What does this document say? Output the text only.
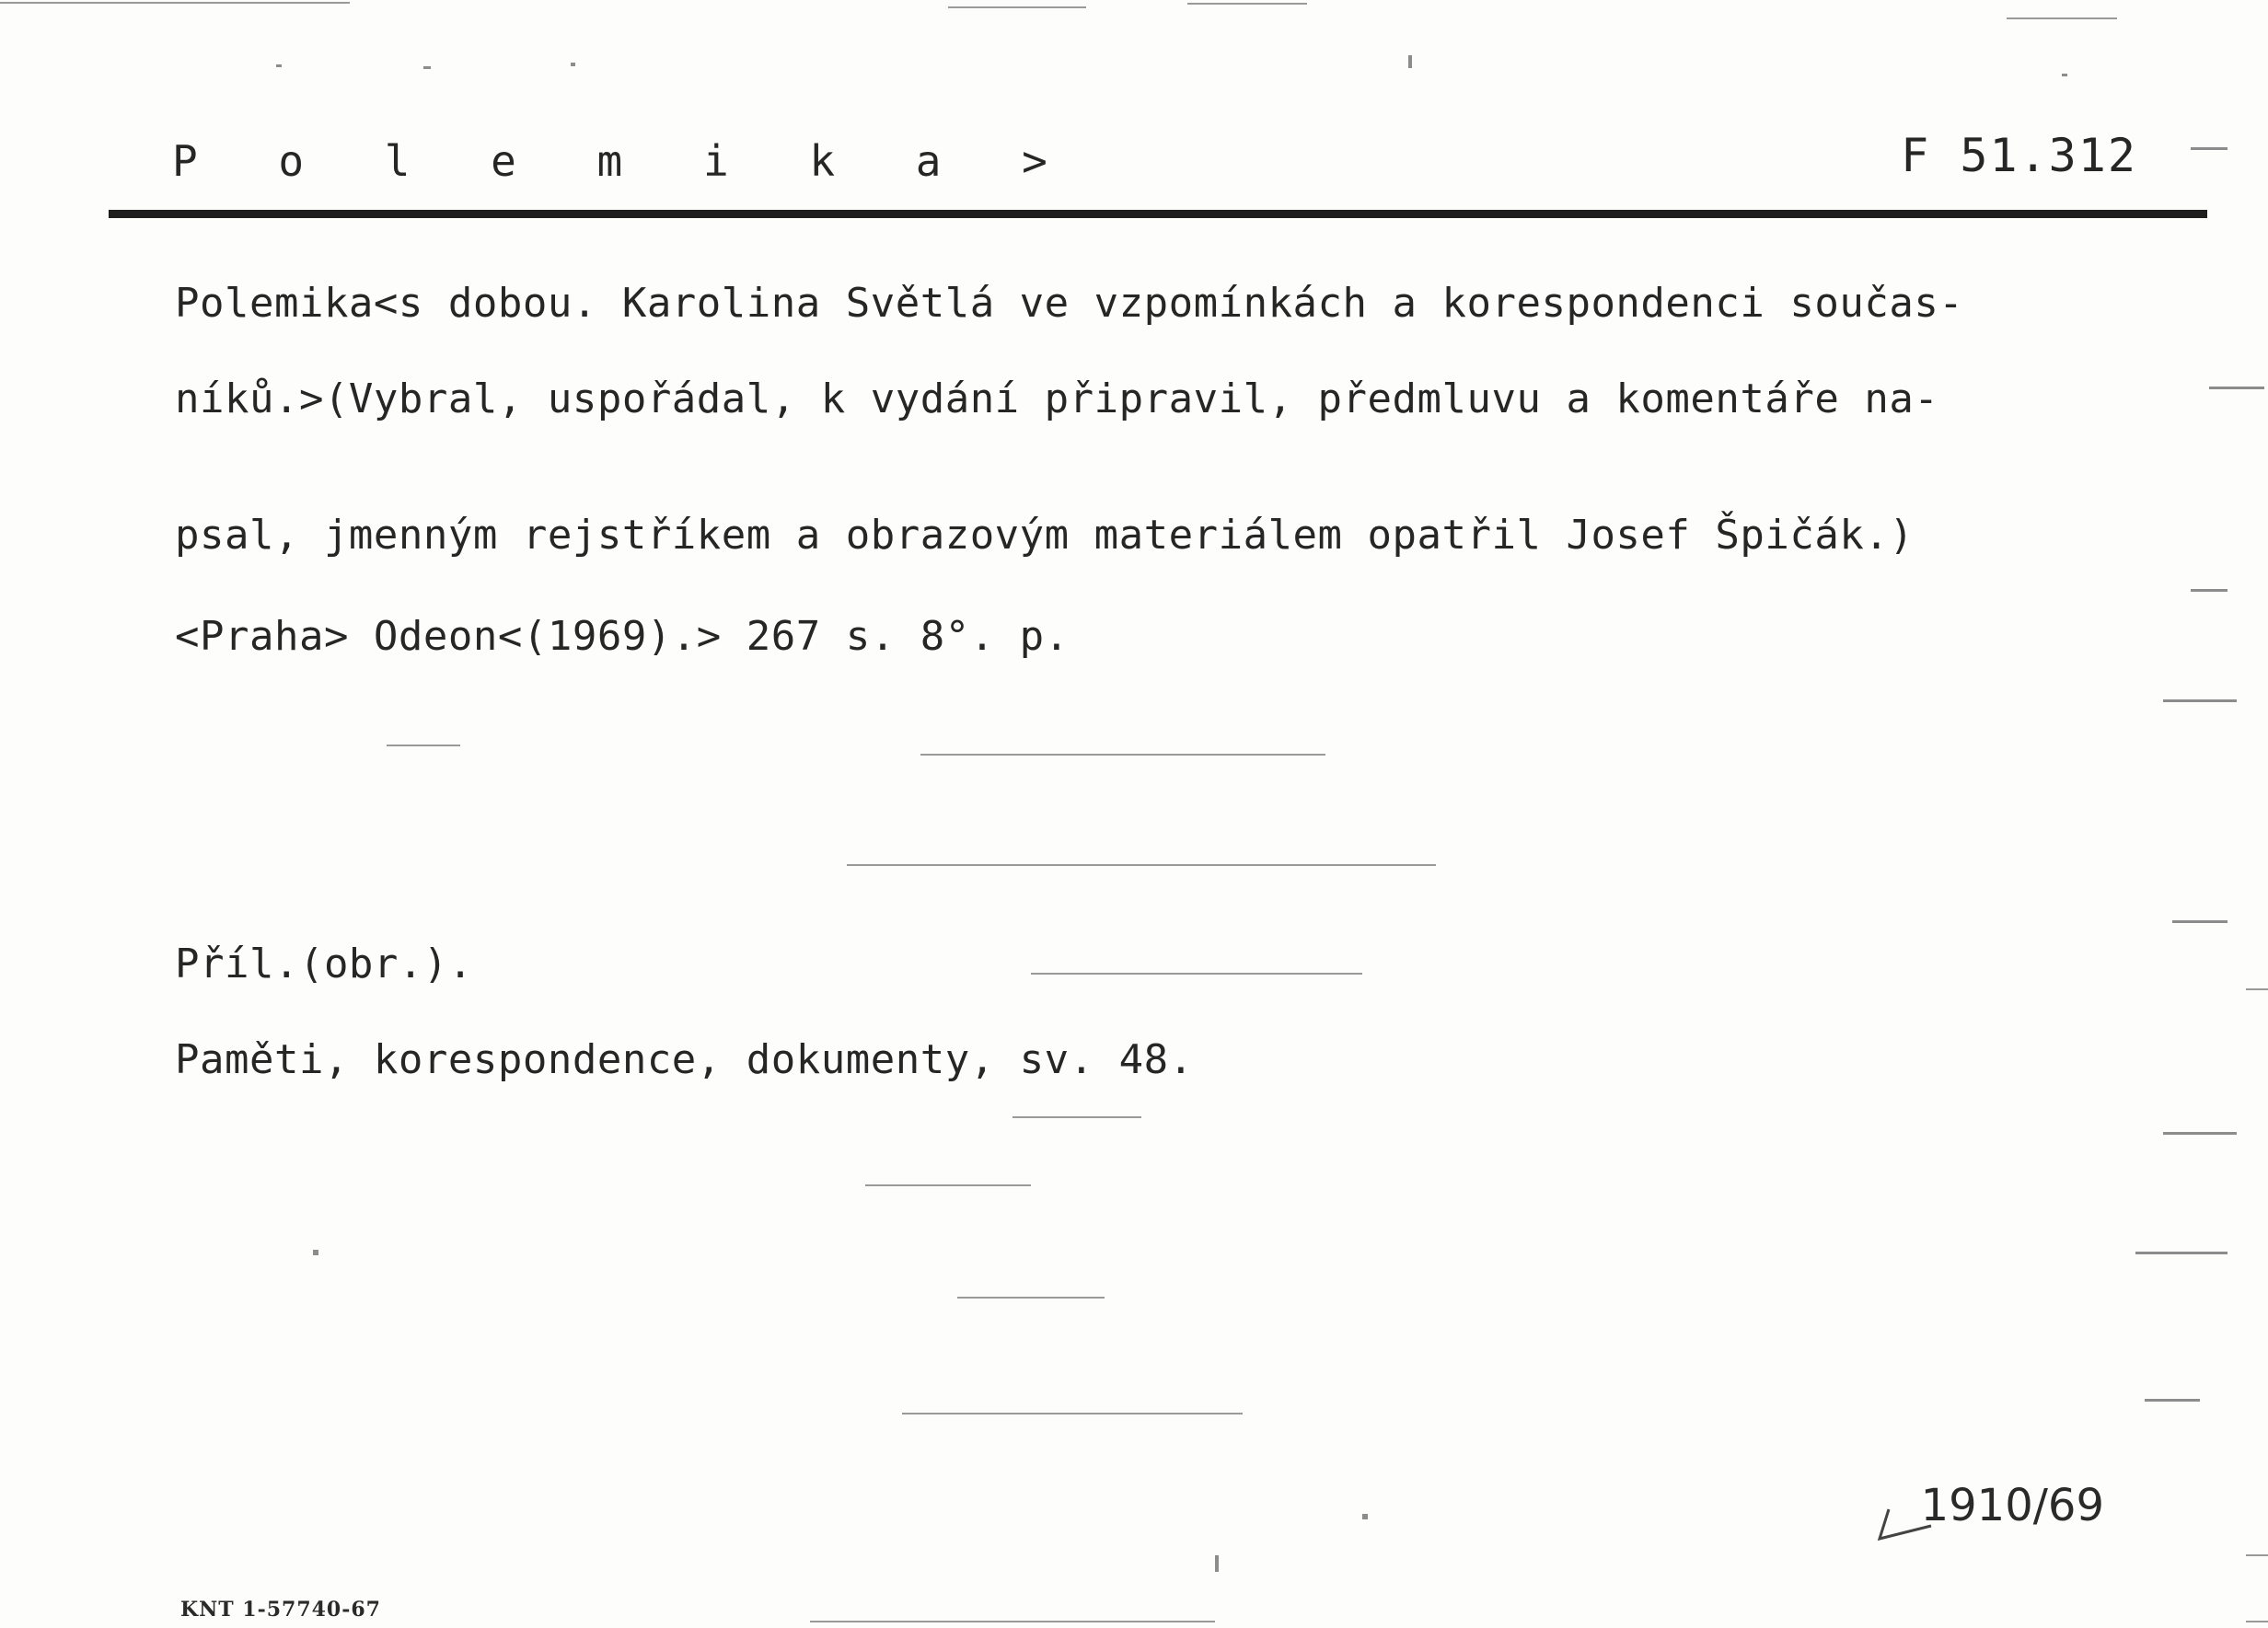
P o l e m i k a >	F 51.312
Polemika<s dobou. Karolina Světlá ve vzpomínkách a korespondenci součas-
níků.>(Vybral, uspořádal, k vydání připravil, předmluvu a komentáře na-
psal, jmenným rejstříkem a obrazovým materiálem opatřil Josef Špičák.)
<Praha> Odeon<(1969).> 267 s. 8°. p.
Příl.(obr.).
Paměti, korespondence, dokumenty, sv. 48.
1910/69
KNT 1-57740-67
